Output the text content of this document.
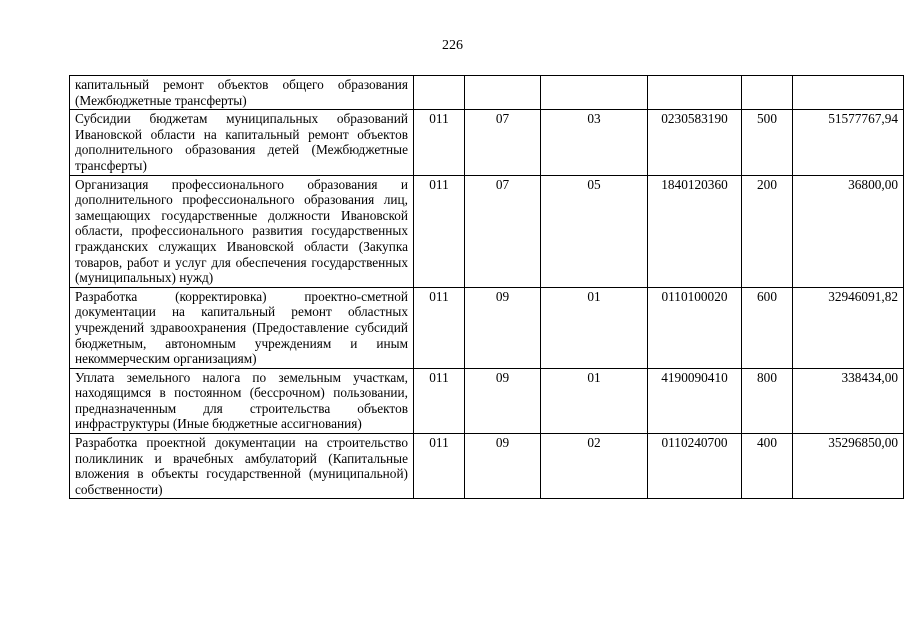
226
капитальный ремонт объектов общего образования (Межбюджетные трансферты)						
Субсидии бюджетам муниципальных образований Ивановской области на капитальный ремонт объектов дополнительного образования детей (Межбюджетные трансферты)	011	07	03	0230583190	500	51577767,94
Организация профессионального образования и дополнительного профессионального образования лиц, замещающих государственные должности Ивановской области, профессионального развития государственных гражданских служащих Ивановской области (Закупка товаров, работ и услуг для обеспечения государственных (муниципальных) нужд)	011	07	05	1840120360	200	36800,00
Разработка (корректировка) проектно-сметной документации на капитальный ремонт областных учреждений здравоохранения (Предоставление субсидий бюджетным, автономным учреждениям и иным некоммерческим организациям)	011	09	01	0110100020	600	32946091,82
Уплата земельного налога по земельным участкам, находящимся в постоянном (бессрочном) пользовании, предназначенным для строительства объектов инфраструктуры (Иные бюджетные ассигнования)	011	09	01	4190090410	800	338434,00
Разработка проектной документации на строительство поликлиник и врачебных амбулаторий (Капитальные вложения в объекты государственной (муниципальной) собственности)	011	09	02	0110240700	400	35296850,00
